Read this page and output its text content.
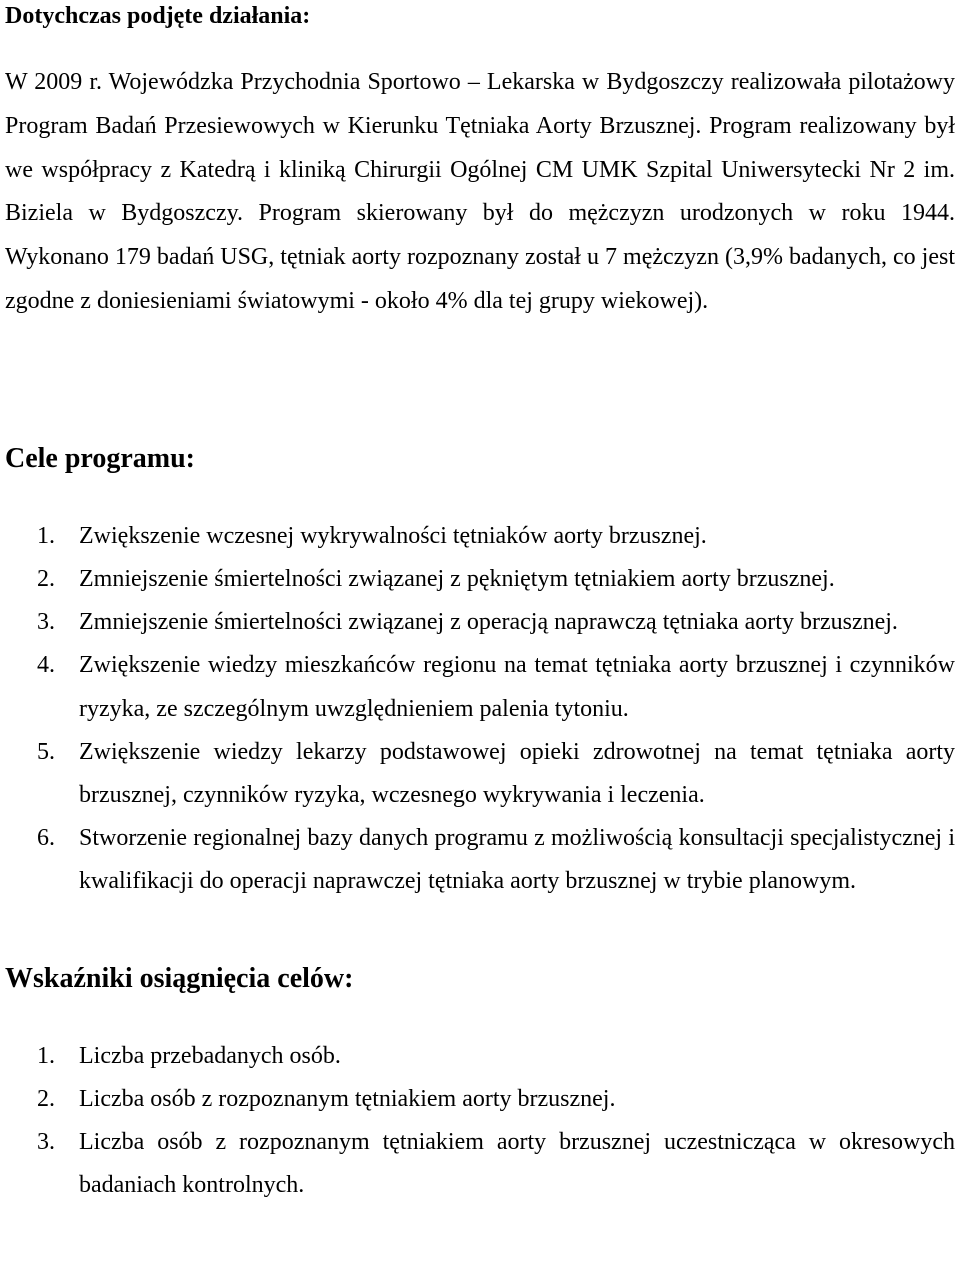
Dotychczas podjęte działania:

W 2009 r. Wojewódzka Przychodnia Sportowo – Lekarska w Bydgoszczy realizowała pilotażowy Program Badań Przesiewowych w Kierunku Tętniaka Aorty Brzusznej. Program realizowany był we współpracy z Katedrą i kliniką Chirurgii Ogólnej CM UMK Szpital Uniwersytecki Nr 2 im. Biziela w Bydgoszczy. Program skierowany był do mężczyzn urodzonych w roku 1944. Wykonano 179 badań USG, tętniak aorty rozpoznany został u 7 mężczyzn (3,9% badanych, co jest zgodne z doniesieniami światowymi - około 4% dla tej grupy wiekowej).

Cele programu:
1.	Zwiększenie wczesnej wykrywalności tętniaków aorty brzusznej.
2.	Zmniejszenie śmiertelności związanej z pękniętym tętniakiem aorty brzusznej.
3.	Zmniejszenie śmiertelności związanej z operacją naprawczą tętniaka aorty brzusznej.
4.	Zwiększenie wiedzy mieszkańców regionu na temat tętniaka aorty brzusznej i czynników ryzyka, ze szczególnym uwzględnieniem palenia tytoniu.
5.	Zwiększenie wiedzy lekarzy podstawowej opieki zdrowotnej na temat tętniaka aorty brzusznej, czynników ryzyka, wczesnego wykrywania i leczenia.
6.	Stworzenie regionalnej bazy danych programu z możliwością konsultacji specjalistycznej i kwalifikacji do operacji naprawczej tętniaka aorty brzusznej w trybie planowym.
Wskaźniki osiągnięcia celów:
1.	Liczba przebadanych osób.
2.	Liczba osób z rozpoznanym tętniakiem aorty brzusznej.
3.	Liczba osób z rozpoznanym tętniakiem aorty brzusznej uczestnicząca w okresowych badaniach kontrolnych.
